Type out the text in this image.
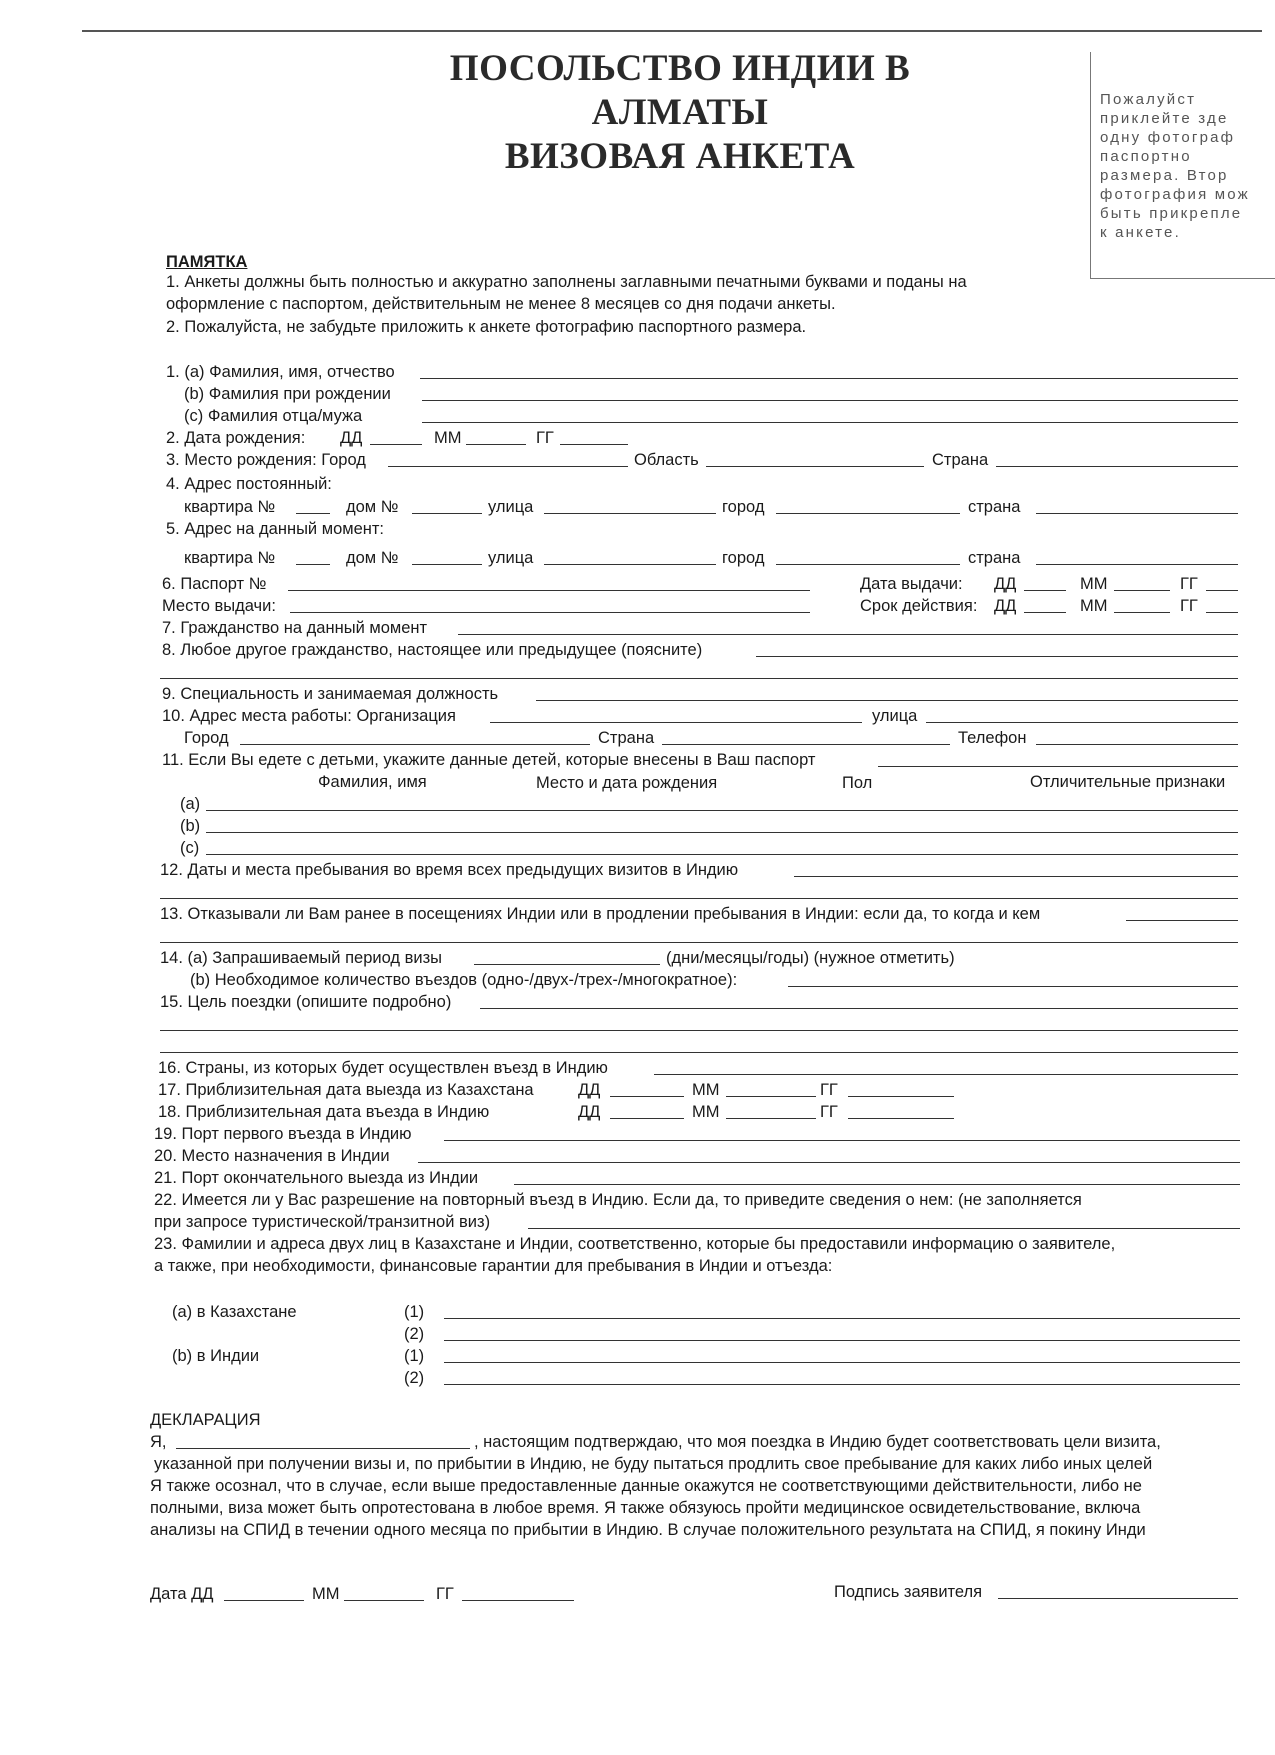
ПОСОЛЬСТВО ИНДИИ В
АЛМАТЫ
ВИЗОВАЯ АНКЕТА
Пожалуйст
приклейте зде
одну фотограф
паспортно
размера. Втор
фотография мож
быть прикрепле
к анкете.
ПАМЯТКА
1. Анкеты должны быть полностью и аккуратно заполнены заглавными печатными буквами и поданы на
оформление с паспортом, действительным не менее 8 месяцев со дня подачи анкеты.
2. Пожалуйста, не забудьте приложить к анкете фотографию паспортного размера.
1. (a) Фамилия, имя, отчество
(b) Фамилия при рождении
(c) Фамилия отца/мужа
2. Дата рождения: ДД	ММ	ГГ
3. Место рождения: Город	Область	Страна
4. Адрес постоянный:
квартира №	дом №	улица	город	страна
5. Адрес на данный момент:
квартира №	дом №	улица	город	страна
6. Паспорт №	Дата выдачи: ДД	ММ	ГГ
Место выдачи:	Срок действия: ДД	ММ	ГГ
7. Гражданство на данный момент
8. Любое другое гражданство, настоящее или предыдущее (поясните)
9. Специальность и занимаемая должность
10. Адрес места работы: Организация	улица
Город	Страна	Телефон
11. Если Вы едете с детьми, укажите данные детей, которые внесены в Ваш паспорт
Фамилия, имя	Место и дата рождения	Пол	Отличительные признаки
(a)
(b)
(c)
12. Даты и места пребывания во время всех предыдущих визитов в Индию
13. Отказывали ли Вам ранее в посещениях Индии или в продлении пребывания в Индии: если да, то когда и кем
14. (a) Запрашиваемый период визы	(дни/месяцы/годы) (нужное отметить)
(b) Необходимое количество въездов (одно-/двух-/трех-/многократное):
15. Цель поездки (опишите подробно)
16. Страны, из которых будет осуществлен въезд в Индию
17. Приблизительная дата выезда из Казахстана	ДД	ММ	ГГ
18. Приблизительная дата въезда в Индию	ДД	ММ	ГГ
19. Порт первого въезда в Индию
20. Место назначения в Индии
21. Порт окончательного выезда из Индии
22. Имеется ли у Вас разрешение на повторный въезд в Индию. Если да, то приведите сведения о нем: (не заполняется
при запросе туристической/транзитной виз)
23. Фамилии и адреса двух лиц в Казахстане и Индии, соответственно, которые бы предоставили информацию о заявителе,
а также, при необходимости, финансовые гарантии для пребывания в Индии и отъезда:
(a) в Казахстане	(1)
(2)
(b) в Индии	(1)
(2)
ДЕКЛАРАЦИЯ
Я,	, настоящим подтверждаю, что моя поездка в Индию будет соответствовать цели визита,
указанной при получении визы и, по прибытии в Индию, не буду пытаться продлить свое пребывание для каких либо иных целей
Я также осознал, что в случае, если выше предоставленные данные окажутся не соответствующими действительности, либо не
полными, виза может быть опротестована в любое время. Я также обязуюсь пройти медицинское освидетельствование, включа
анализы на СПИД в течении одного месяца по прибытии в Индию. В случае положительного результата на СПИД, я покину Инди
Дата ДД	ММ	ГГ	Подпись заявителя
